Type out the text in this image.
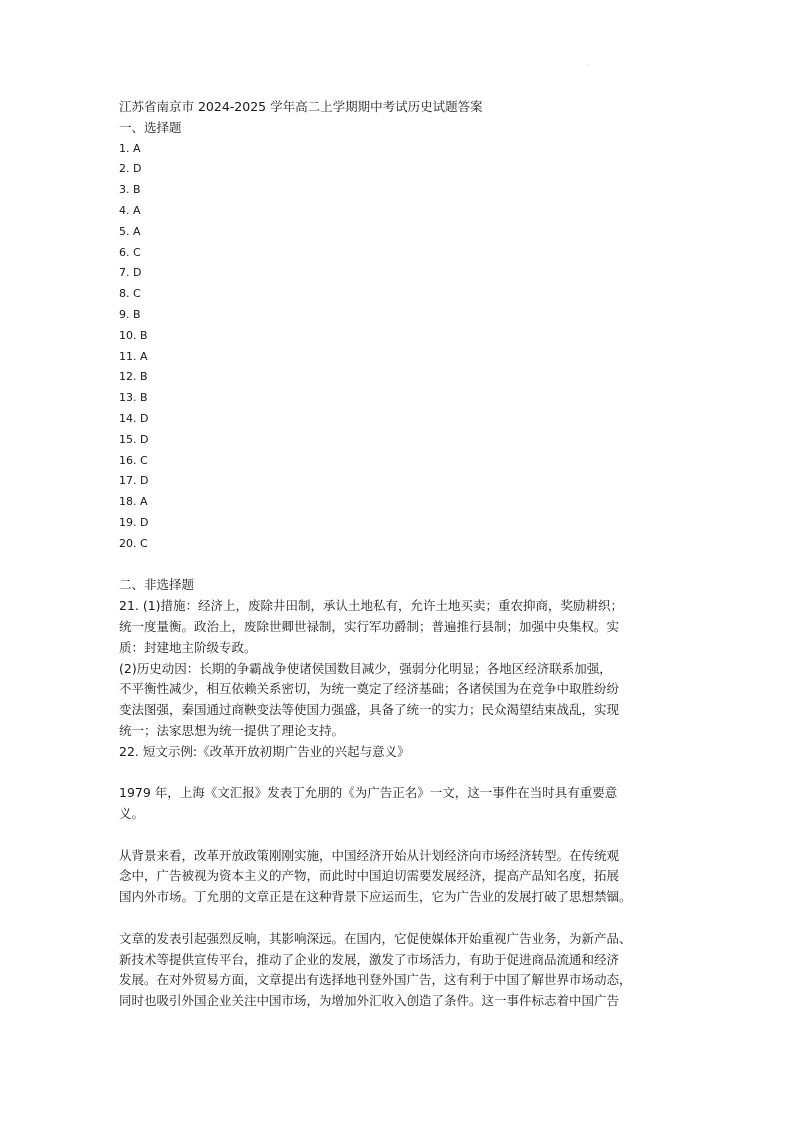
·
江苏省南京市 2024-2025 学年高二上学期期中考试历史试题答案
一、选择题
1. A
2. D
3. B
4. A
5. A
6. C
7. D
8. C
9. B
10. B
11. A
12. B
13. B
14. D
15. D
16. C
17. D
18. A
19. D
20. C
二、非选择题
21. (1)措施：经济上，废除井田制，承认土地私有，允许土地买卖；重农抑商，奖励耕织；
统一度量衡。政治上，废除世卿世禄制，实行军功爵制；普遍推行县制；加强中央集权。实
质：封建地主阶级专政。
(2)历史动因：长期的争霸战争使诸侯国数目减少，强弱分化明显；各地区经济联系加强，
不平衡性减少，相互依赖关系密切，为统一奠定了经济基础；各诸侯国为在竞争中取胜纷纷
变法图强，秦国通过商鞅变法等使国力强盛，具备了统一的实力；民众渴望结束战乱，实现
统一；法家思想为统一提供了理论支持。
22. 短文示例:《改革开放初期广告业的兴起与意义》
1979 年，上海《文汇报》发表丁允朋的《为广告正名》一文，这一事件在当时具有重要意
义。
从背景来看，改革开放政策刚刚实施，中国经济开始从计划经济向市场经济转型。在传统观
念中，广告被视为资本主义的产物，而此时中国迫切需要发展经济，提高产品知名度，拓展
国内外市场。丁允朋的文章正是在这种背景下应运而生，它为广告业的发展打破了思想禁锢。
文章的发表引起强烈反响，其影响深远。在国内，它促使媒体开始重视广告业务，为新产品、
新技术等提供宣传平台，推动了企业的发展，激发了市场活力，有助于促进商品流通和经济
发展。在对外贸易方面，文章提出有选择地刊登外国广告，这有利于中国了解世界市场动态，
同时也吸引外国企业关注中国市场，为增加外汇收入创造了条件。这一事件标志着中国广告
